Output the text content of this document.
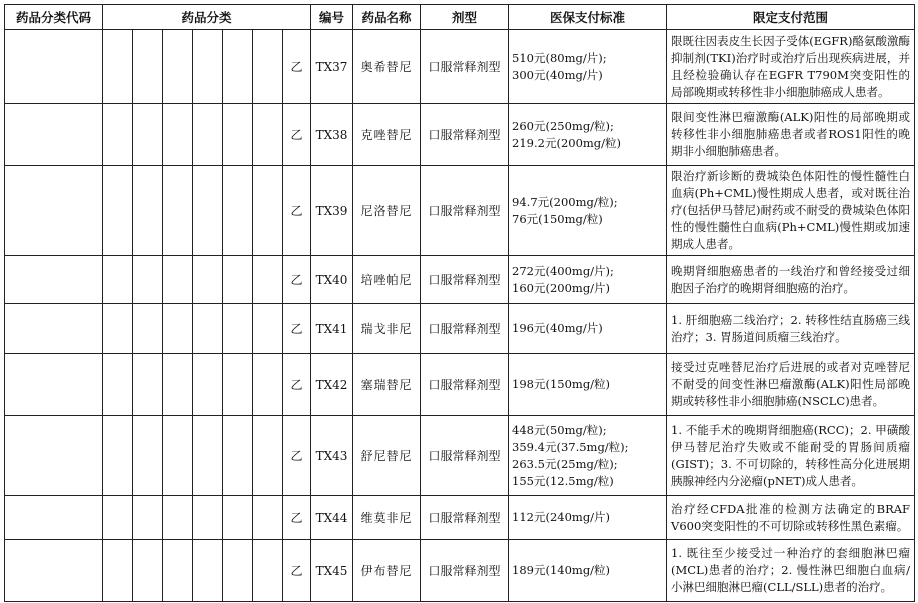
药品分类代码	药品分类							编号	药品名称	剂型	医保支付标准	限定支付范围
							乙	TX37	奥希替尼	口服常释剂型	510元(80mg/片);
300元(40mg/片)	限既往因表皮生长因子受体(EGFR)酪氨酸激酶抑制剂(TKI)治疗时或治疗后出现疾病进展，并且经检验确认存在EGFR T790M突变阳性的局部晚期或转移性非小细胞肺癌成人患者。
							乙	TX38	克唑替尼	口服常释剂型	260元(250mg/粒);
219.2元(200mg/粒)	限间变性淋巴瘤激酶(ALK)阳性的局部晚期或转移性非小细胞肺癌患者或者ROS1阳性的晚期非小细胞肺癌患者。
							乙	TX39	尼洛替尼	口服常释剂型	94.7元(200mg/粒);
76元(150mg/粒)	限治疗新诊断的费城染色体阳性的慢性髓性白血病(Ph+CML)慢性期成人患者，或对既往治疗(包括伊马替尼)耐药或不耐受的费城染色体阳性的慢性髓性白血病(Ph+CML)慢性期或加速期成人患者。
							乙	TX40	培唑帕尼	口服常释剂型	272元(400mg/片);
160元(200mg/片)	晚期肾细胞癌患者的一线治疗和曾经接受过细胞因子治疗的晚期肾细胞癌的治疗。
							乙	TX41	瑞戈非尼	口服常释剂型	196元(40mg/片)	1. 肝细胞癌二线治疗；2. 转移性结直肠癌三线治疗；3. 胃肠道间质瘤三线治疗。
							乙	TX42	塞瑞替尼	口服常释剂型	198元(150mg/粒)	接受过克唑替尼治疗后进展的或者对克唑替尼不耐受的间变性淋巴瘤激酶(ALK)阳性局部晚期或转移性非小细胞肺癌(NSCLC)患者。
							乙	TX43	舒尼替尼	口服常释剂型	448元(50mg/粒);
359.4元(37.5mg/粒);
263.5元(25mg/粒);
155元(12.5mg/粒)	1. 不能手术的晚期肾细胞癌(RCC)；2. 甲磺酸伊马替尼治疗失败或不能耐受的胃肠间质瘤(GIST)；3. 不可切除的，转移性高分化进展期胰腺神经内分泌瘤(pNET)成人患者。
							乙	TX44	维莫非尼	口服常释剂型	112元(240mg/片)	治疗经CFDA批准的检测方法确定的BRAF V600突变阳性的不可切除或转移性黑色素瘤。
							乙	TX45	伊布替尼	口服常释剂型	189元(140mg/粒)	1. 既往至少接受过一种治疗的套细胞淋巴瘤(MCL)患者的治疗；2. 慢性淋巴细胞白血病/小淋巴细胞淋巴瘤(CLL/SLL)患者的治疗。
